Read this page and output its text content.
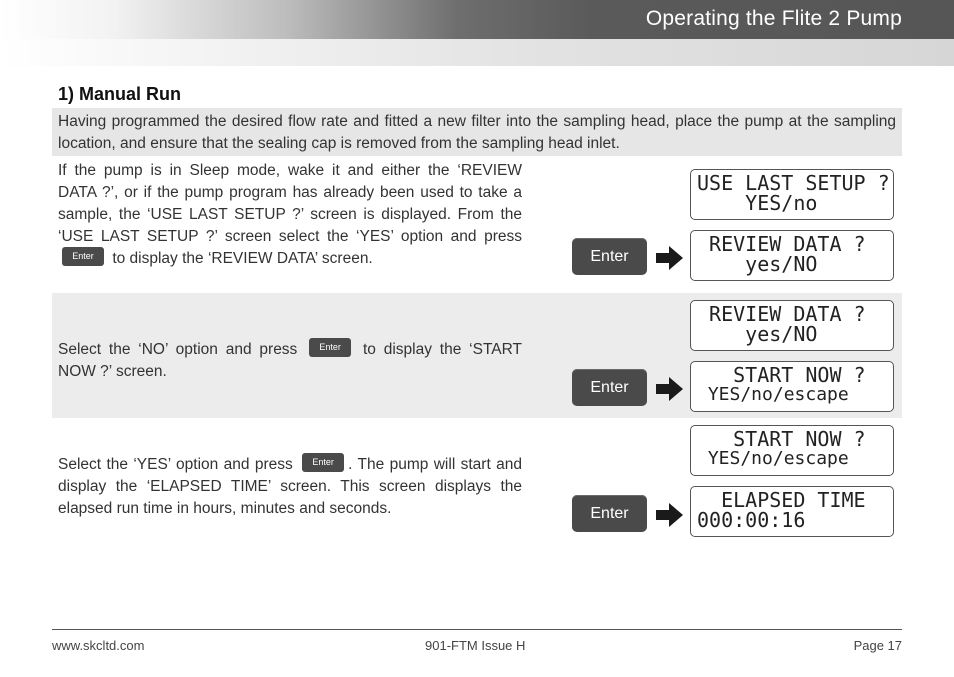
Operating the Flite 2 Pump
1) Manual Run
Having programmed the desired flow rate and fitted a new filter into the sampling head, place the pump at the sampling location, and ensure that the sealing cap is removed from the sampling head inlet.
If the pump is in Sleep mode, wake it and either the ‘REVIEW DATA ?’, or if the pump program has already been used to take a sample, the ‘USE LAST SETUP ?’ screen is displayed. From the ‘USE LAST SETUP ?’ screen select the ‘YES’ option and press Enter to display the ‘REVIEW DATA’ screen.
USE LAST SETUP ?
YES/no
Enter
REVIEW DATA ?
yes/NO
Select the ‘NO’ option and press Enter to display the ‘START NOW ?’ screen.
REVIEW DATA ?
yes/NO
Enter
START NOW ?
YES/no/escape
Select the ‘YES’ option and press Enter . The pump will start and display the ‘ELAPSED TIME’ screen. This screen displays the elapsed run time in hours, minutes and seconds.
START NOW ?
YES/no/escape
Enter
ELAPSED TIME
000:00:16
www.skcltd.com	901-FTM Issue H	Page 17
